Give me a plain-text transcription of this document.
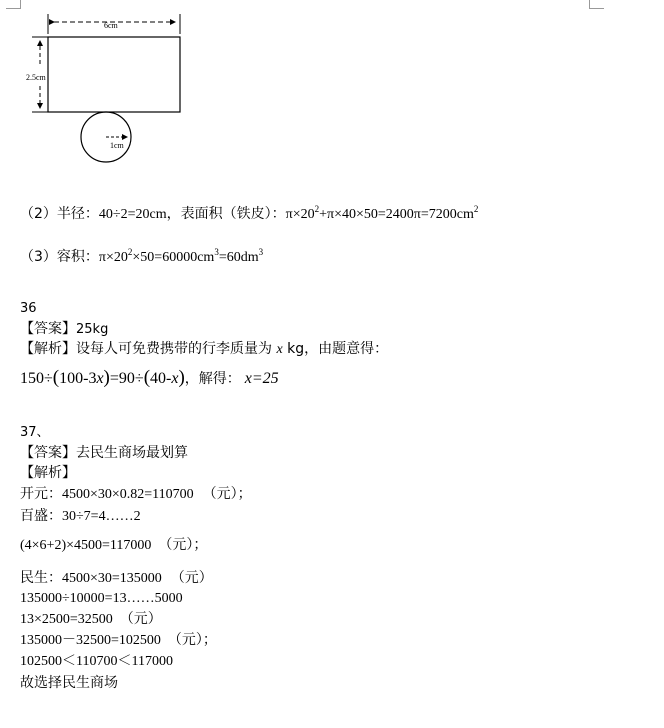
6cm
2.5cm
1cm
（2）半径：40÷2=20cm，表面积（铁皮）：$\pi\times 20^2+\pi\times 40\times 50=2400\pi=7200cm^2$
（3）容积：$\pi\times 20^2\times 50=60000cm^3=60dm^3$
36
【答案】25kg
【解析】设每人可免费携带的行李质量为 x kg，由题意得：
150÷(100-3x)=90÷(40-x)，解得： x=25
37、
【答案】去民生商场最划算
【解析】
开元：4500×30×0.82=110700 （元）；
百盛：30÷7=4……2
(4×6+2)×4500=117000 （元）；
民生：4500×30=135000 （元）
135000÷10000=13……5000
13×2500=32500 （元）
135000－32500=102500 （元）；
102500＜110700＜117000
故选择民生商场
